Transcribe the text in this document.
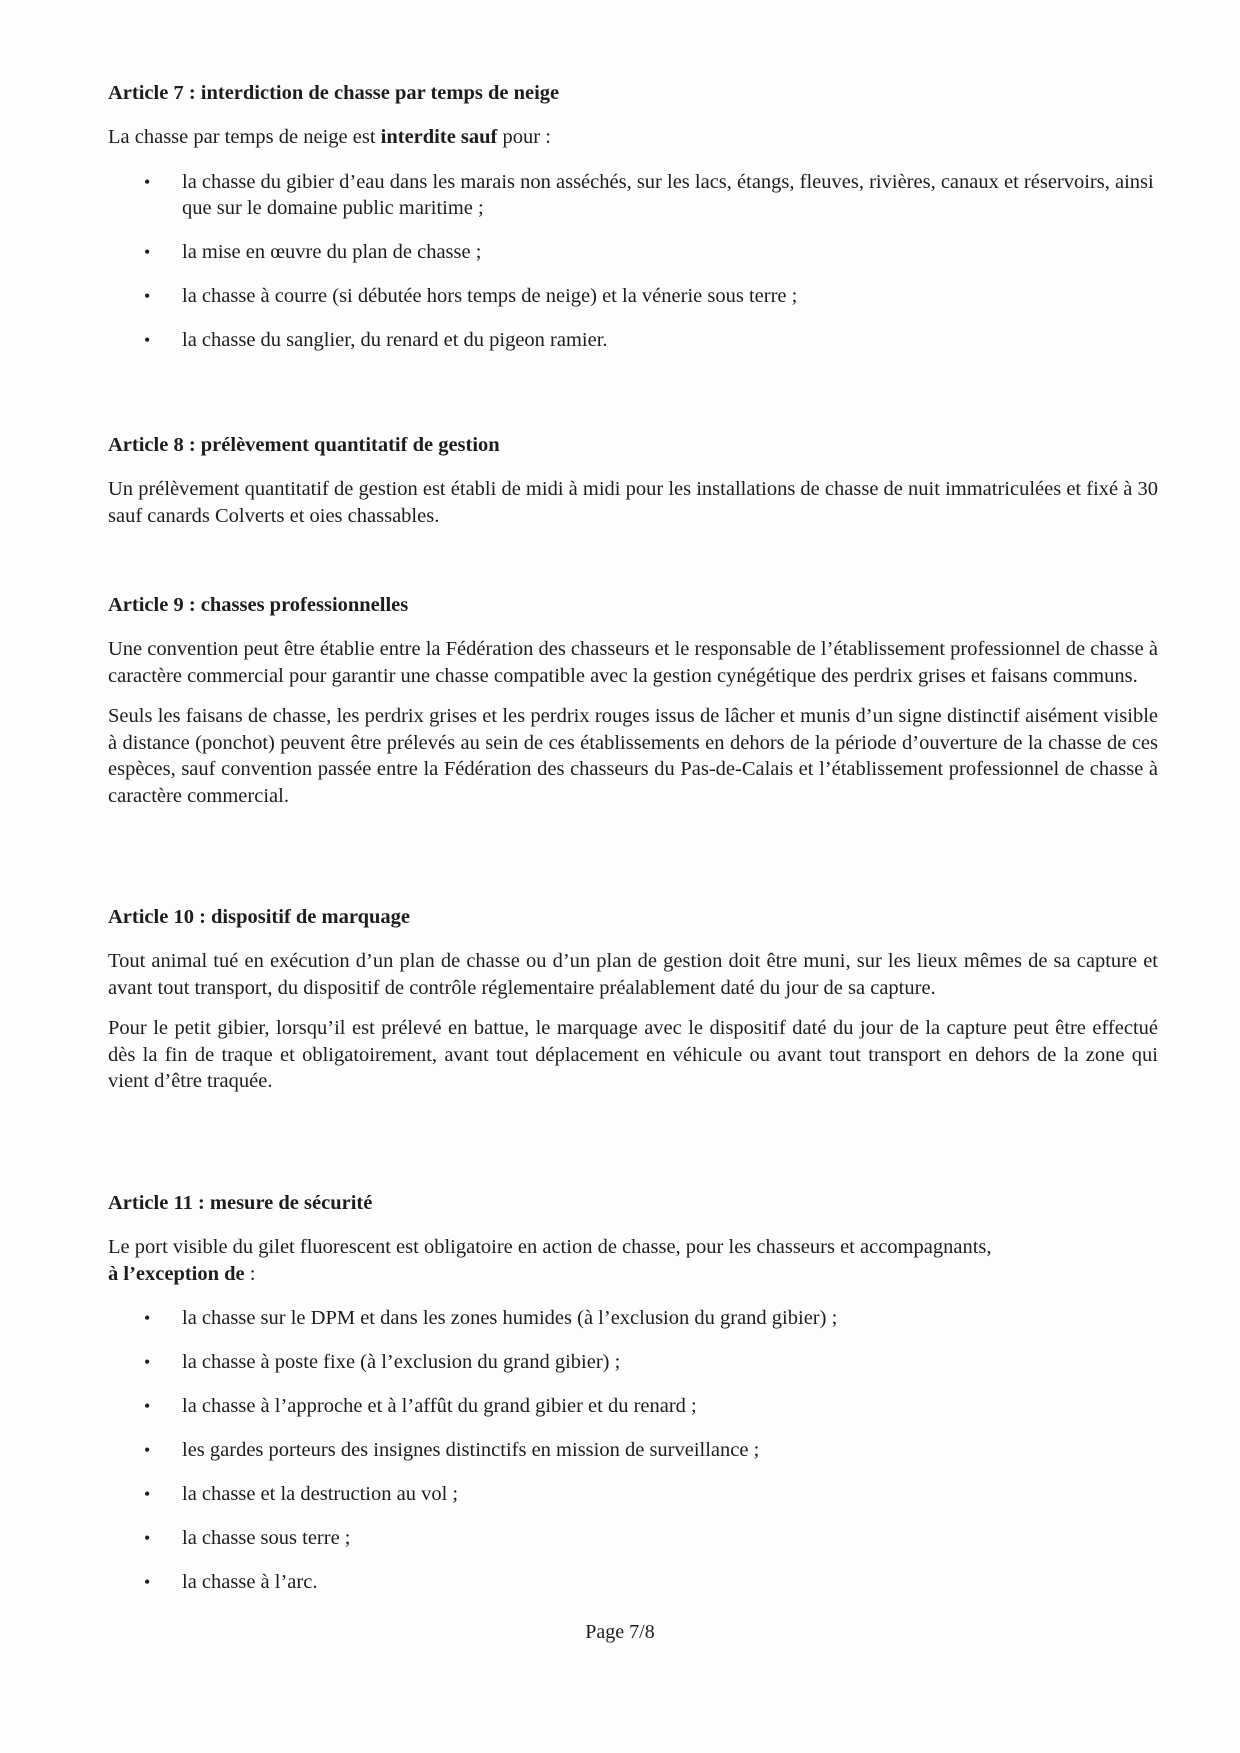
Article 7 : interdiction de chasse par temps de neige

La chasse par temps de neige est interdite sauf pour :

• la chasse du gibier d’eau dans les marais non asséchés, sur les lacs, étangs, fleuves, rivières, canaux et réservoirs, ainsi que sur le domaine public maritime ;
• la mise en œuvre du plan de chasse ;
• la chasse à courre (si débutée hors temps de neige) et la vénerie sous terre ;
• la chasse du sanglier, du renard et du pigeon ramier.
Article 8 : prélèvement quantitatif de gestion

Un prélèvement quantitatif de gestion est établi de midi à midi pour les installations de chasse de nuit immatriculées et fixé à 30 sauf canards Colverts et oies chassables.

Article 9 : chasses professionnelles

Une convention peut être établie entre la Fédération des chasseurs et le responsable de l’établissement professionnel de chasse à caractère commercial pour garantir une chasse compatible avec la gestion cynégétique des perdrix grises et faisans communs.

Seuls les faisans de chasse, les perdrix grises et les perdrix rouges issus de lâcher et munis d’un signe distinctif aisément visible à distance (ponchot) peuvent être prélevés au sein de ces établissements en dehors de la période d’ouverture de la chasse de ces espèces, sauf convention passée entre la Fédération des chasseurs du Pas-de-Calais et l’établissement professionnel de chasse à caractère commercial.

Article 10 : dispositif de marquage

Tout animal tué en exécution d’un plan de chasse ou d’un plan de gestion doit être muni, sur les lieux mêmes de sa capture et avant tout transport, du dispositif de contrôle réglementaire préalablement daté du jour de sa capture.

Pour le petit gibier, lorsqu’il est prélevé en battue, le marquage avec le dispositif daté du jour de la capture peut être effectué dès la fin de traque et obligatoirement, avant tout déplacement en véhicule ou avant tout transport en dehors de la zone qui vient d’être traquée.

Article 11 : mesure de sécurité

Le port visible du gilet fluorescent est obligatoire en action de chasse, pour les chasseurs et accompagnants,
à l’exception de :

• la chasse sur le DPM et dans les zones humides (à l’exclusion du grand gibier) ;
• la chasse à poste fixe (à l’exclusion du grand gibier) ;
• la chasse à l’approche et à l’affût du grand gibier et du renard ;
• les gardes porteurs des insignes distinctifs en mission de surveillance ;
• la chasse et la destruction au vol ;
• la chasse sous terre ;
• la chasse à l’arc.
Page 7/8
